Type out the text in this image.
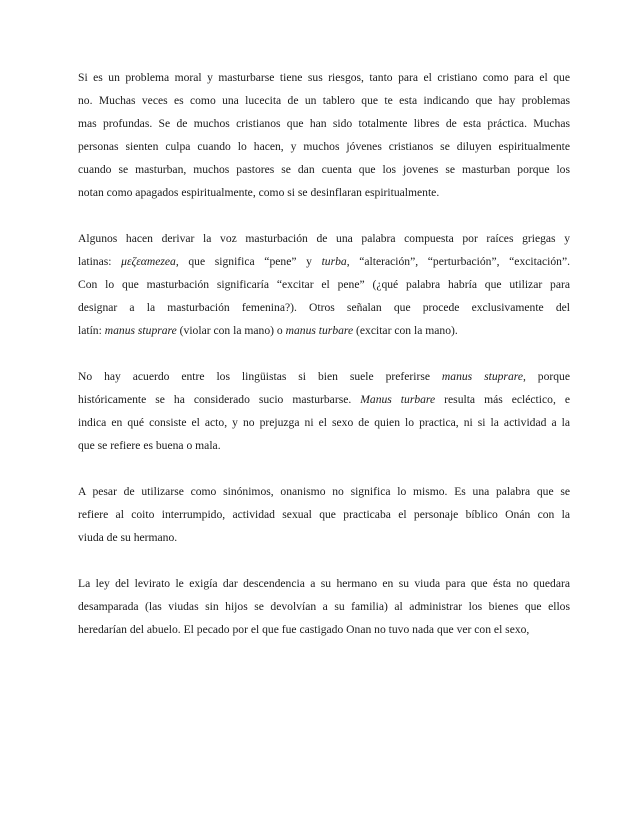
Si es un problema moral y masturbarse tiene sus riesgos, tanto para el cristiano como para el que
no. Muchas veces es como una lucecita de un tablero que te esta indicando que hay problemas
mas profundas. Se de muchos cristianos que han sido totalmente libres de esta práctica. Muchas
personas sienten culpa cuando lo hacen, y muchos jóvenes cristianos se diluyen espiritualmente
cuando se masturban, muchos pastores se dan cuenta que los jovenes se masturban porque los
notan como apagados espiritualmente, como si se desinflaran espiritualmente.
Algunos hacen derivar la voz masturbación de una palabra compuesta por raíces griegas y
latinas: μεζεαmezea, que significa “pene” y turba, “alteración”, “perturbación”, “excitación”.
Con lo que masturbación significaría “excitar el pene” (¿qué palabra habría que utilizar para
designar a la masturbación femenina?). Otros señalan que procede exclusivamente del
latín: manus stuprare (violar con la mano) o manus turbare (excitar con la mano).
No hay acuerdo entre los lingüistas si bien suele preferirse manus stuprare, porque
históricamente se ha considerado sucio masturbarse. Manus turbare resulta más ecléctico, e
indica en qué consiste el acto, y no prejuzga ni el sexo de quien lo practica, ni si la actividad a la
que se refiere es buena o mala.
A pesar de utilizarse como sinónimos, onanismo no significa lo mismo. Es una palabra que se
refiere al coito interrumpido, actividad sexual que practicaba el personaje bíblico Onán con la
viuda de su hermano.
La ley del levirato le exigía dar descendencia a su hermano en su viuda para que ésta no quedara
desamparada (las viudas sin hijos se devolvían a su familia) al administrar los bienes que ellos
heredarían del abuelo. El pecado por el que fue castigado Onan no tuvo nada que ver con el sexo,
